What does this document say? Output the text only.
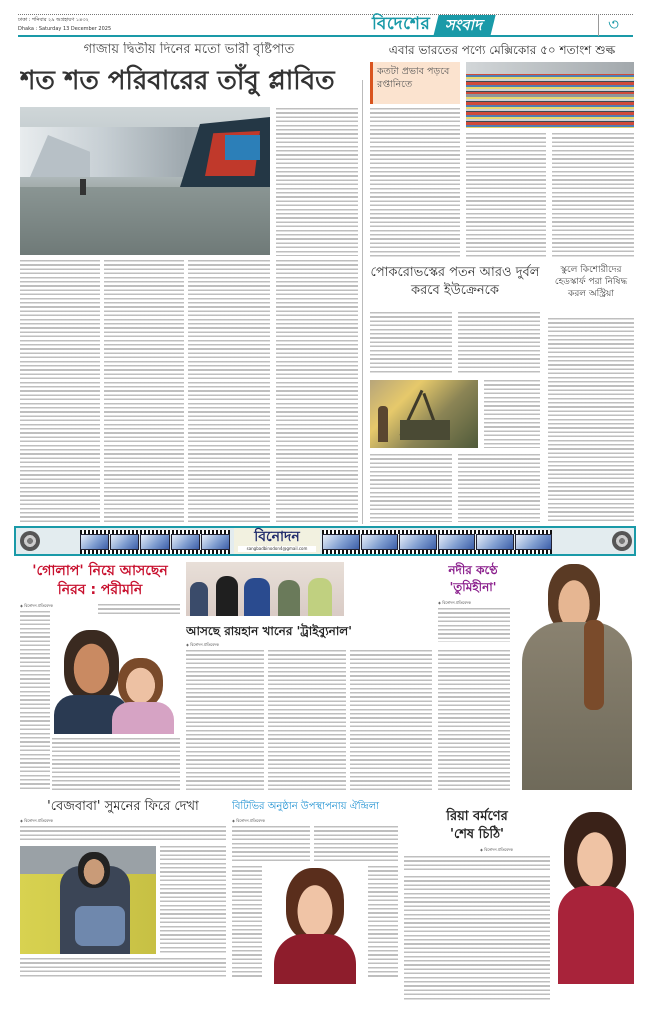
ঢাকা : শনিবার ২৯ অগ্রহায়ণ ১৪৩২
Dhaka : Saturday 13 December 2025	বিদেশের সংবাদ	৩
গাজায় দ্বিতীয় দিনের মতো ভারী বৃষ্টিপাত
শত শত পরিবারের তাঁবু প্লাবিত
এবার ভারতের পণ্যে মেক্সিকোর ৫০ শতাংশ শুল্ক
কতটা প্রভাব পড়বে রপ্তানিতে
পোকরোভস্কের পতন আরও দুর্বল করবে ইউক্রেনকে
স্কুলে কিশোরীদের হেডস্কার্ফ পরা নিষিদ্ধ করল অস্ট্রিয়া
বিনোদন
sangbadbinodon4@gmail.com
'গোলাপ' নিয়ে আসছেন
নিরব : পরীমনি
◈ বিনোদন প্রতিবেদক
আসছে রায়হান খানের 'ট্রাইব্যুনাল'
◈ বিনোদন প্রতিবেদক
নদীর কণ্ঠে
'তুমিহীনা'
◈ বিনোদন প্রতিবেদক
'বেজবাবা' সুমনের ফিরে দেখা
◈ বিনোদন প্রতিবেদক
বিটিভির অনুষ্ঠান উপস্থাপনায় ঐন্দ্রিলা
◈ বিনোদন প্রতিবেদক	রিয়া বর্মণের
'শেষ চিঠি'
◈ বিনোদন প্রতিবেদক
